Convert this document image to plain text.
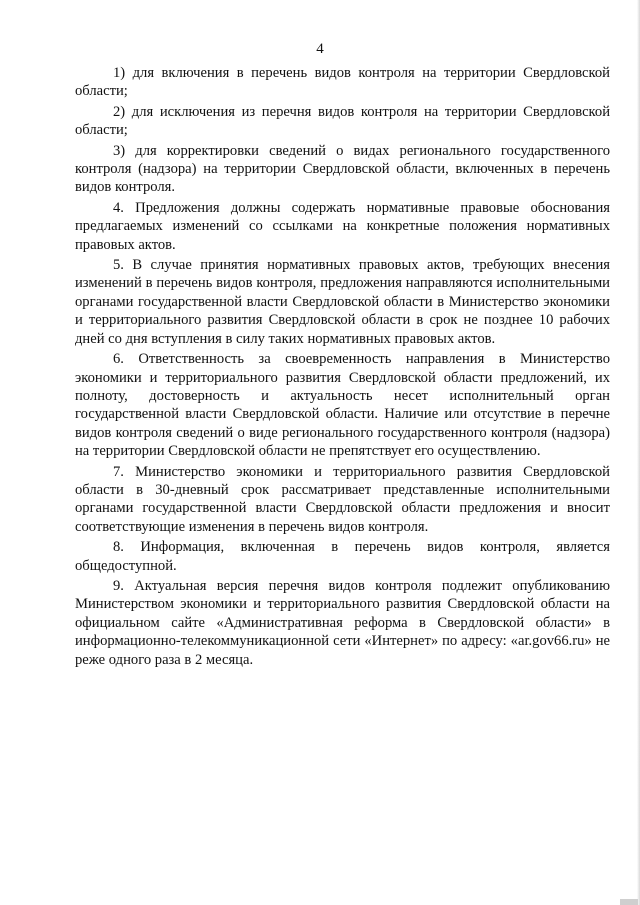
4

1) для включения в перечень видов контроля на территории Свердловской области;

2) для исключения из перечня видов контроля на территории Свердловской области;

3) для корректировки сведений о видах регионального государственного контроля (надзора) на территории Свердловской области, включенных в перечень видов контроля.

4. Предложения должны содержать нормативные правовые обоснования предлагаемых изменений со ссылками на конкретные положения нормативных правовых актов.

5. В случае принятия нормативных правовых актов, требующих внесения изменений в перечень видов контроля, предложения направляются исполнительными органами государственной власти Свердловской области в Министерство экономики и территориального развития Свердловской области в срок не позднее 10 рабочих дней со дня вступления в силу таких нормативных правовых актов.

6. Ответственность за своевременность направления в Министерство экономики и территориального развития Свердловской области предложений, их полноту, достоверность и актуальность несет исполнительный орган государственной власти Свердловской области. Наличие или отсутствие в перечне видов контроля сведений о виде регионального государственного контроля (надзора) на территории Свердловской области не препятствует его осуществлению.

7. Министерство экономики и территориального развития Свердловской области в 30-дневный срок рассматривает представленные исполнительными органами государственной власти Свердловской области предложения и вносит соответствующие изменения в перечень видов контроля.

8. Информация, включенная в перечень видов контроля, является общедоступной.

9. Актуальная версия перечня видов контроля подлежит опубликованию Министерством экономики и территориального развития Свердловской области на официальном сайте «Административная реформа в Свердловской области» в информационно-телекоммуникационной сети «Интернет» по адресу: «ar.gov66.ru» не реже одного раза в 2 месяца.
